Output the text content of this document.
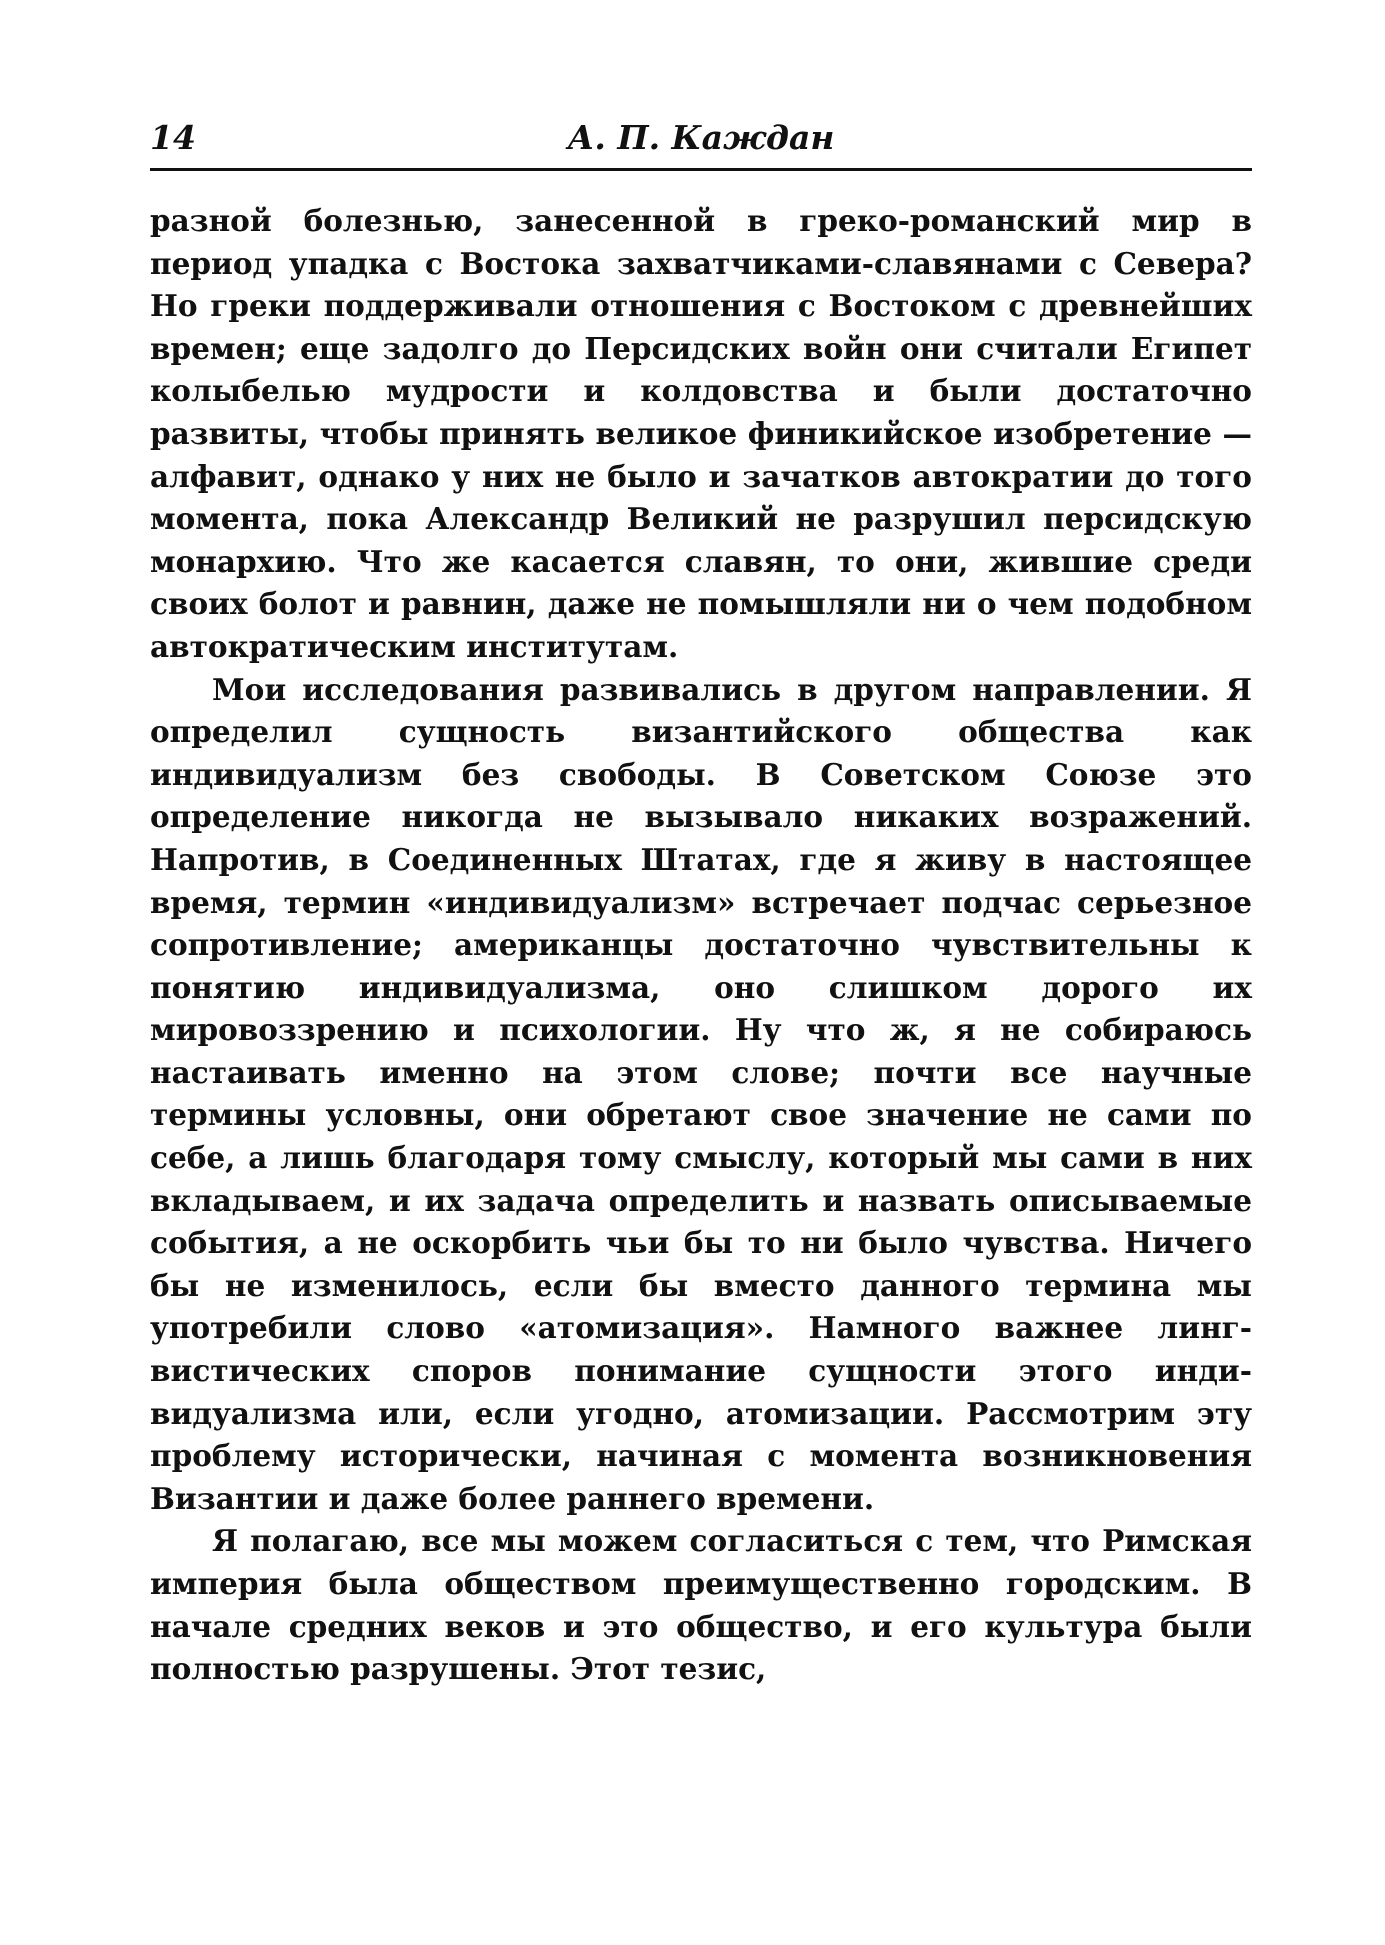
14	А. П. Каждан

разной болезнью, занесенной в греко-романский мир в период упадка с Востока захватчиками-славянами с Севера? Но греки поддерживали отношения с Востоком с древнейших времен; еще задолго до Персидских войн они считали Египет колыбелью мудрости и колдовства и были достаточно развиты, чтобы принять великое финикийское изобретение — алфавит, однако у них не было и зачатков автократии до того момента, пока Александр Великий не разрушил персидскую монархию. Что же касается славян, то они, жившие среди своих болот и равнин, даже не помышляли ни о чем подобном автократическим институтам.

Мои исследования развивались в другом направлении. Я определил сущность византийского общества как индивидуализм без свободы. В Советском Союзе это определение никогда не вызывало никаких возражений. Напротив, в Соединенных Штатах, где я живу в настоящее время, термин «индивидуализм» встречает подчас серьезное сопротивление; американцы достаточно чувствительны к понятию индивидуализма, оно слишком дорого их мировоззрению и психологии. Ну что ж, я не собираюсь настаивать именно на этом слове; почти все научные термины условны, они обретают свое значение не сами по себе, а лишь благодаря тому смыслу, который мы сами в них вкладываем, и их задача определить и назвать описываемые события, а не оскорбить чьи бы то ни было чувства. Ничего бы не изменилось, если бы вместо данного термина мы употребили слово «атомизация». Намного важнее лингвистических споров понимание сущности этого индивидуализма или, если угодно, атомизации. Рассмотрим эту проблему исторически, начиная с момента возникновения Византии и даже более раннего времени.

Я полагаю, все мы можем согласиться с тем, что Римская империя была обществом преимущественно городским. В начале средних веков и это общество, и его культура были полностью разрушены. Этот тезис,
